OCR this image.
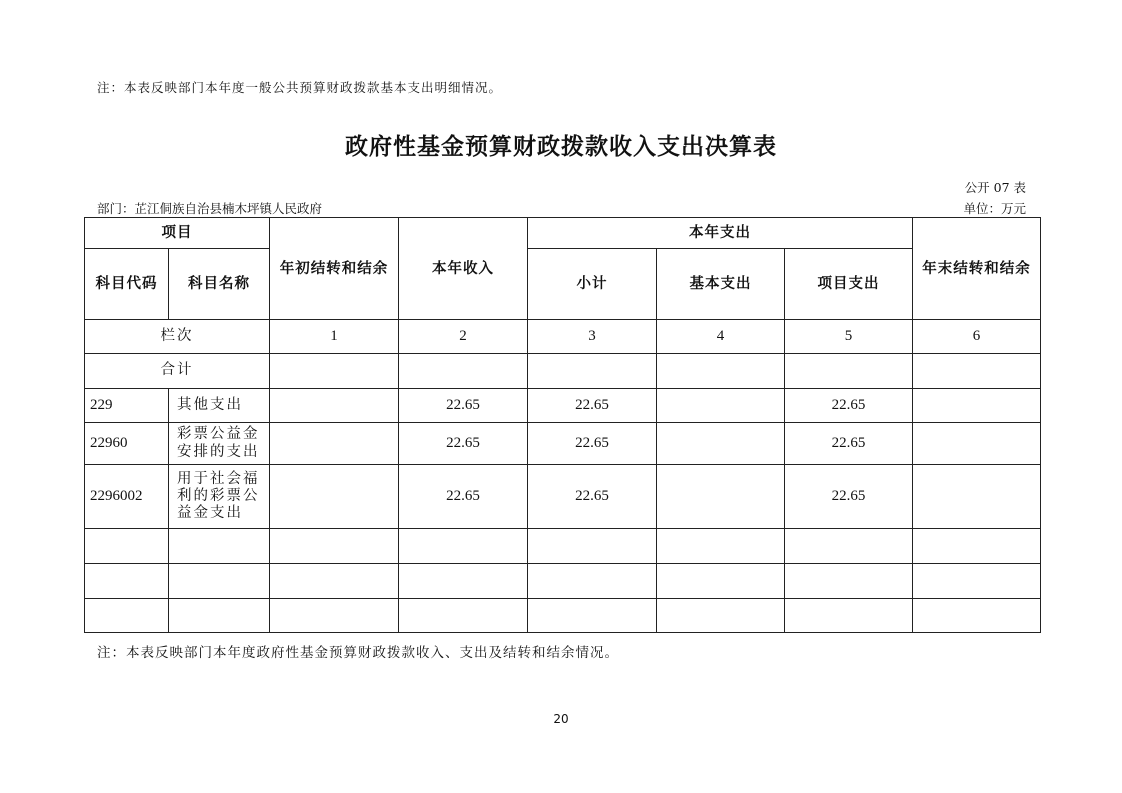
注：本表反映部门本年度一般公共预算财政拨款基本支出明细情况。
政府性基金预算财政拨款收入支出决算表
公开 07 表
部门：芷江侗族自治县楠木坪镇人民政府	单位：万元
项目		年初结转和结余	本年收入	本年支出			年末结转和结余
科目代码	科目名称			小计	基本支出	项目支出	
栏次		1	2	3	4	5	6
合计							
229	其他支出		22.65	22.65		22.65	
22960	彩票公益金安排的支出		22.65	22.65		22.65	
2296002	用于社会福利的彩票公益金支出		22.65	22.65		22.65	

注：本表反映部门本年度政府性基金预算财政拨款收入、支出及结转和结余情况。
20
